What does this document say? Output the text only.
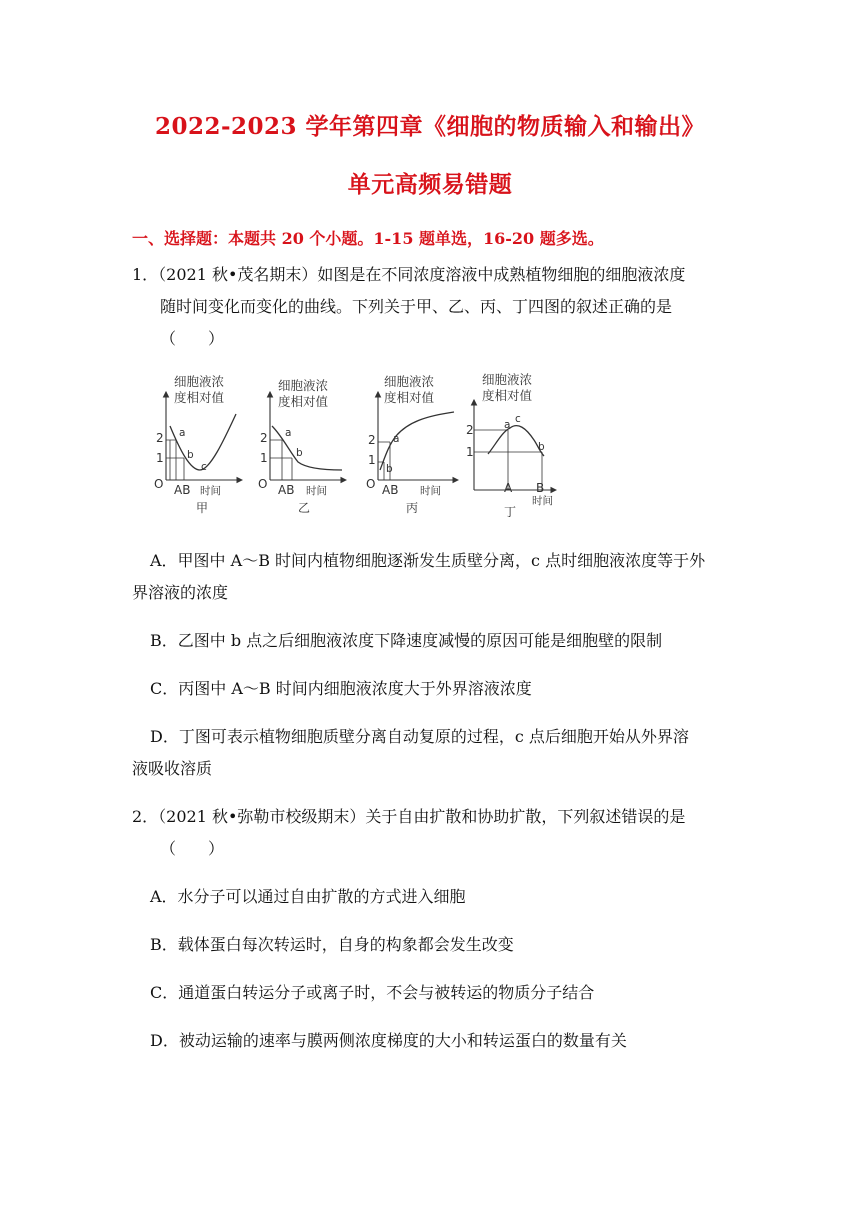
2022-2023 学年第四章《细胞的物质输入和输出》
单元高频易错题
一、选择题：本题共 20 个小题。1-15 题单选，16-20 题多选。
1．（2021 秋•茂名期末）如图是在不同浓度溶液中成熟植物细胞的细胞液浓度
随时间变化而变化的曲线。下列关于甲、乙、丙、丁四图的叙述正确的是
（　　）
细胞液浓
度相对值
2
1
O AB 时间
a
b
c
甲
细胞液浓
度相对值
2
1
O AB 时间
a
b
乙
细胞液浓
度相对值
2
1
O AB 时间
a
b
丙
细胞液浓
度相对值
2
1
A B
时间
a c
b
丁
A．甲图中 A～B 时间内植物细胞逐渐发生质壁分离，c 点时细胞液浓度等于外
界溶液的浓度
B．乙图中 b 点之后细胞液浓度下降速度减慢的原因可能是细胞壁的限制
C．丙图中 A～B 时间内细胞液浓度大于外界溶液浓度
D．丁图可表示植物细胞质壁分离自动复原的过程，c 点后细胞开始从外界溶
液吸收溶质
2．（2021 秋•弥勒市校级期末）关于自由扩散和协助扩散，下列叙述错误的是
（　　）
A．水分子可以通过自由扩散的方式进入细胞
B．载体蛋白每次转运时，自身的构象都会发生改变
C．通道蛋白转运分子或离子时，不会与被转运的物质分子结合
D．被动运输的速率与膜两侧浓度梯度的大小和转运蛋白的数量有关
